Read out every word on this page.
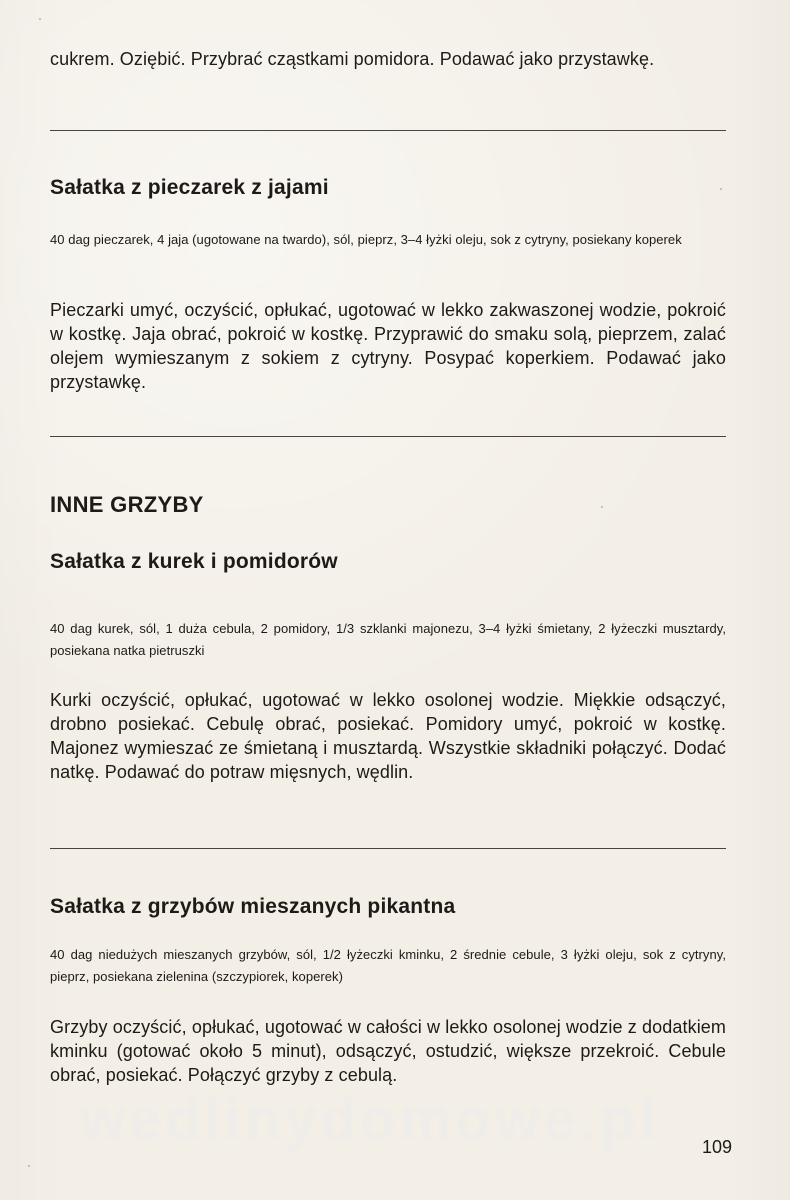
cukrem. Oziębić. Przybrać cząstkami pomidora. Podawać jako przystawkę.
Sałatka z pieczarek z jajami
40 dag pieczarek, 4 jaja (ugotowane na twardo), sól, pieprz, 3–4 łyżki oleju, sok z cytryny, posiekany koperek
Pieczarki umyć, oczyścić, opłukać, ugotować w lekko zakwaszonej wodzie, pokroić w kostkę. Jaja obrać, pokroić w kostkę. Przyprawić do smaku solą, pieprzem, zalać olejem wymieszanym z sokiem z cytryny. Posypać koperkiem. Podawać jako przystawkę.
INNE GRZYBY
Sałatka z kurek i pomidorów
40 dag kurek, sól, 1 duża cebula, 2 pomidory, 1/3 szklanki majonezu, 3–4 łyżki śmietany, 2 łyżeczki musztardy, posiekana natka pietruszki
Kurki oczyścić, opłukać, ugotować w lekko osolonej wodzie. Miękkie odsączyć, drobno posiekać. Cebulę obrać, posiekać. Pomidory umyć, pokroić w kostkę. Majonez wymieszać ze śmietaną i musztardą. Wszystkie składniki połączyć. Dodać natkę. Podawać do potraw mięsnych, wędlin.
Sałatka z grzybów mieszanych pikantna
40 dag niedużych mieszanych grzybów, sól, 1/2 łyżeczki kminku, 2 średnie cebule, 3 łyżki oleju, sok z cytryny, pieprz, posiekana zielenina (szczypiorek, koperek)
Grzyby oczyścić, opłukać, ugotować w całości w lekko osolonej wodzie z dodatkiem kminku (gotować około 5 minut), odsączyć, ostudzić, większe przekroić. Cebule obrać, posiekać. Połączyć grzyby z cebulą.
wedlinydomowe.pl	109
